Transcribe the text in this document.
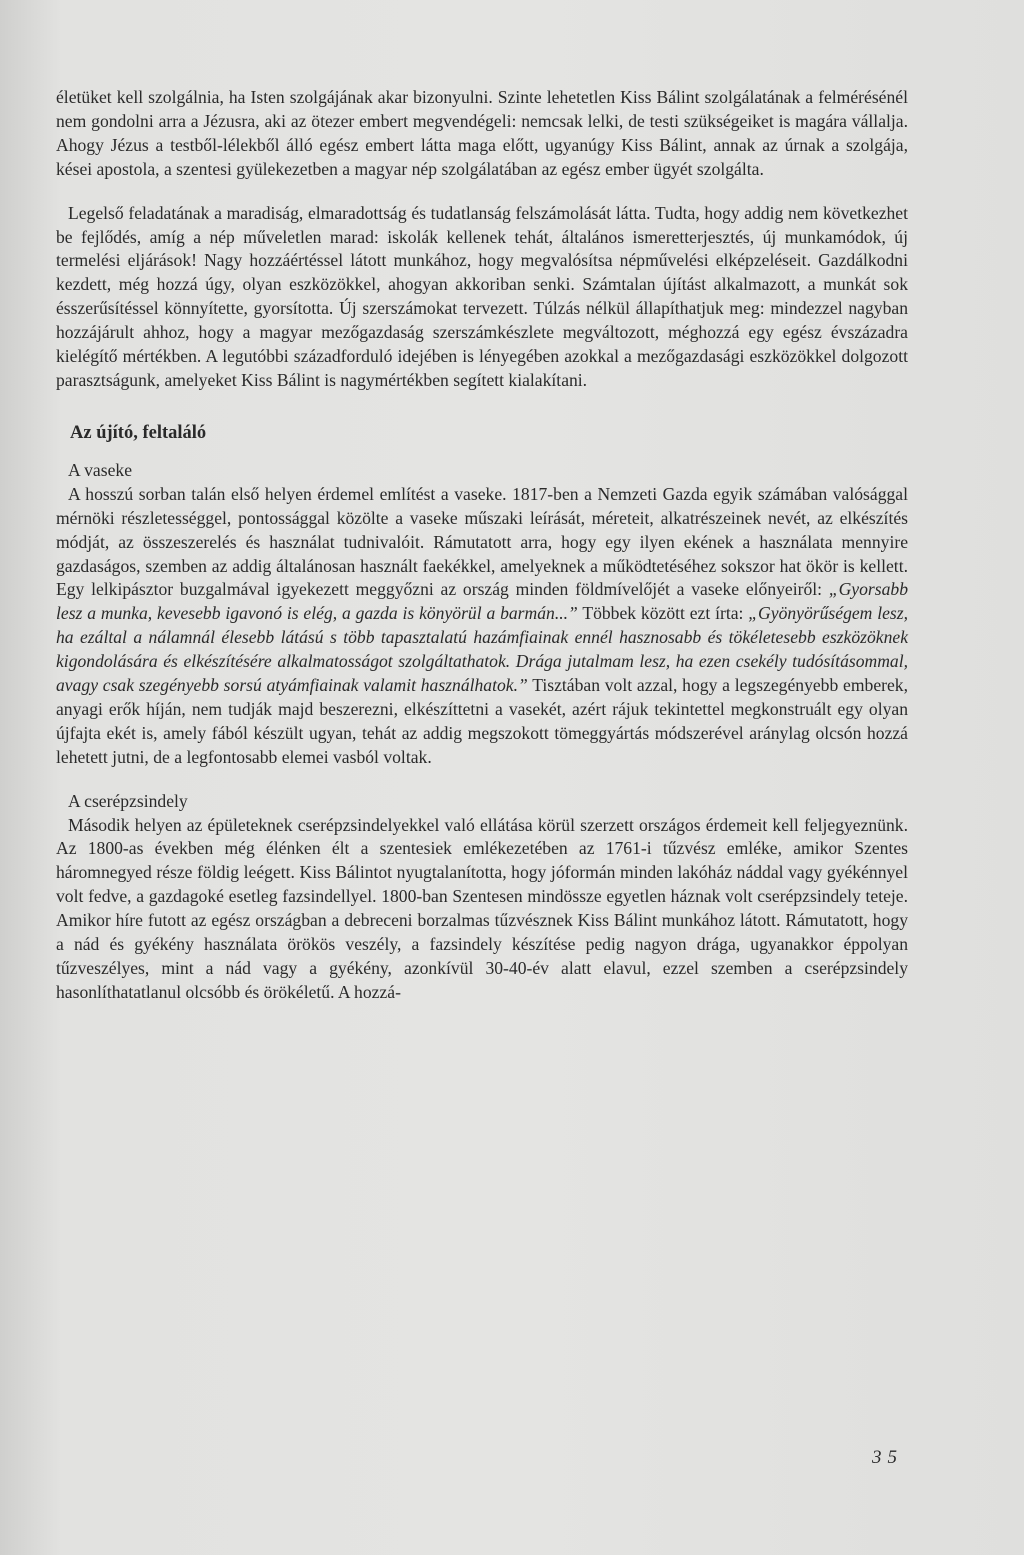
életüket kell szolgálnia, ha Isten szolgájának akar bizonyulni. Szinte lehetetlen Kiss Bálint szolgálatának a felmérésénél nem gondolni arra a Jézusra, aki az ötezer embert megvendégeli: nemcsak lelki, de testi szükségeiket is magára vállalja. Ahogy Jézus a testből-lélekből álló egész embert látta maga előtt, ugyanúgy Kiss Bálint, annak az úrnak a szolgája, kései apostola, a szentesi gyülekezetben a magyar nép szolgálatában az egész ember ügyét szolgálta.

Legelső feladatának a maradiság, elmaradottság és tudatlanság felszámolását látta. Tudta, hogy addig nem következhet be fejlődés, amíg a nép műveletlen marad: iskolák kellenek tehát, általános ismeretterjesztés, új munkamódok, új termelési eljárások! Nagy hozzáértéssel látott munkához, hogy megvalósítsa népművelési elképzeléseit. Gazdálkodni kezdett, még hozzá úgy, olyan eszközökkel, ahogyan akkoriban senki. Számtalan újítást alkalmazott, a munkát sok ésszerűsítéssel könnyítette, gyorsította. Új szerszámokat tervezett. Túlzás nélkül állapíthatjuk meg: mindezzel nagyban hozzájárult ahhoz, hogy a magyar mezőgazdaság szerszámkészlete megváltozott, méghozzá egy egész évszázadra kielégítő mértékben. A legutóbbi századforduló idejében is lényegében azokkal a mezőgazdasági eszközökkel dolgozott parasztságunk, amelyeket Kiss Bálint is nagymértékben segített kialakítani.

Az újító, feltaláló

A vaseke

A hosszú sorban talán első helyen érdemel említést a vaseke. 1817-ben a Nemzeti Gazda egyik számában valósággal mérnöki részletességgel, pontossággal közölte a vaseke műszaki leírását, méreteit, alkatrészeinek nevét, az elkészítés módját, az összeszerelés és használat tudnivalóit. Rámutatott arra, hogy egy ilyen ekének a használata mennyire gazdaságos, szemben az addig általánosan használt faekékkel, amelyeknek a működtetéséhez sokszor hat ökör is kellett. Egy lelkipásztor buzgalmával igyekezett meggyőzni az ország minden földmívelőjét a vaseke előnyeiről: „Gyorsabb lesz a munka, kevesebb igavonó is elég, a gazda is könyörül a barmán...” Többek között ezt írta: „Gyönyörűségem lesz, ha ezáltal a nálamnál élesebb látású s több tapasztalatú hazámfiainak ennél hasznosabb és tökéletesebb eszközöknek kigondolására és elkészítésére alkalmatosságot szolgáltathatok. Drága jutalmam lesz, ha ezen csekély tudósításommal, avagy csak szegényebb sorsú atyámfiainak valamit használhatok.” Tisztában volt azzal, hogy a legszegényebb emberek, anyagi erők híján, nem tudják majd beszerezni, elkészíttetni a vasekét, azért rájuk tekintettel megkonstruált egy olyan újfajta ekét is, amely fából készült ugyan, tehát az addig megszokott tömeggyártás módszerével aránylag olcsón hozzá lehetett jutni, de a legfontosabb elemei vasból voltak.

A cserépzsindely

Második helyen az épületeknek cserépzsindelyekkel való ellátása körül szerzett országos érdemeit kell feljegyeznünk. Az 1800-as években még élénken élt a szentesiek emlékezetében az 1761-i tűzvész emléke, amikor Szentes háromnegyed része földig leégett. Kiss Bálintot nyugtalanította, hogy jóformán minden lakóház náddal vagy gyékénnyel volt fedve, a gazdagoké esetleg fazsindellyel. 1800-ban Szentesen mindössze egyetlen háznak volt cserépzsindely teteje. Amikor híre futott az egész országban a debreceni borzalmas tűzvésznek Kiss Bálint munkához látott. Rámutatott, hogy a nád és gyékény használata örökös veszély, a fazsindely készítése pedig nagyon drága, ugyanakkor éppolyan tűzveszélyes, mint a nád vagy a gyékény, azonkívül 30-40-év alatt elavul, ezzel szemben a cserépzsindely hasonlíthatatlanul olcsóbb és örökéletű. A hozzá-

35
